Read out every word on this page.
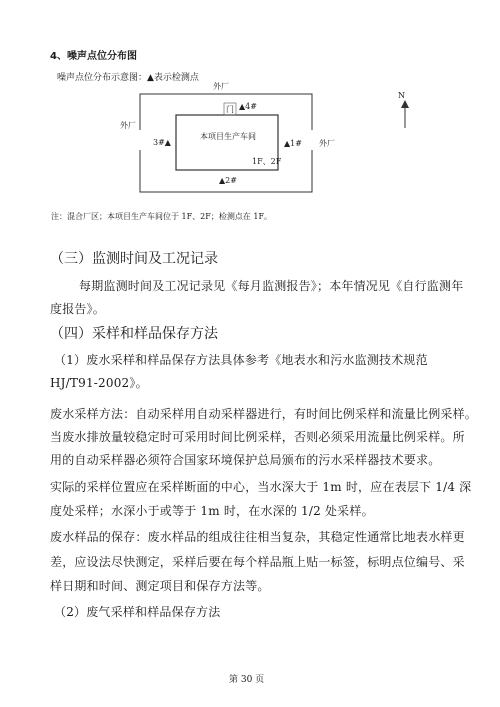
4、噪声点位分布图
噪声点位分布示意图：▲表示检测点
门
外厂
外厂
外厂
本项目生产车间
1F、2F
▲4#
3#▲	▲1#
▲2#
N
注：混合厂区；本项目生产车间位于 1F、2F；检测点在 1F。
（三）监测时间及工况记录
每期监测时间及工况记录见《每月监测报告》；本年情况见《自行监测年
度报告》。
（四）采样和样品保存方法
（1）废水采样和样品保存方法具体参考《地表水和污水监测技术规范
HJ/T91-2002》。
废水采样方法：自动采样用自动采样器进行，有时间比例采样和流量比例采样。
当废水排放量较稳定时可采用时间比例采样，否则必须采用流量比例采样。所
用的自动采样器必须符合国家环境保护总局颁布的污水采样器技术要求。
实际的采样位置应在采样断面的中心，当水深大于 1m 时，应在表层下 1/4 深
度处采样；水深小于或等于 1m 时，在水深的 1/2 处采样。
废水样品的保存：废水样品的组成往往相当复杂，其稳定性通常比地表水样更
差，应设法尽快测定，采样后要在每个样品瓶上贴一标签，标明点位编号、采
样日期和时间、测定项目和保存方法等。
（2）废气采样和样品保存方法
第 30 页
